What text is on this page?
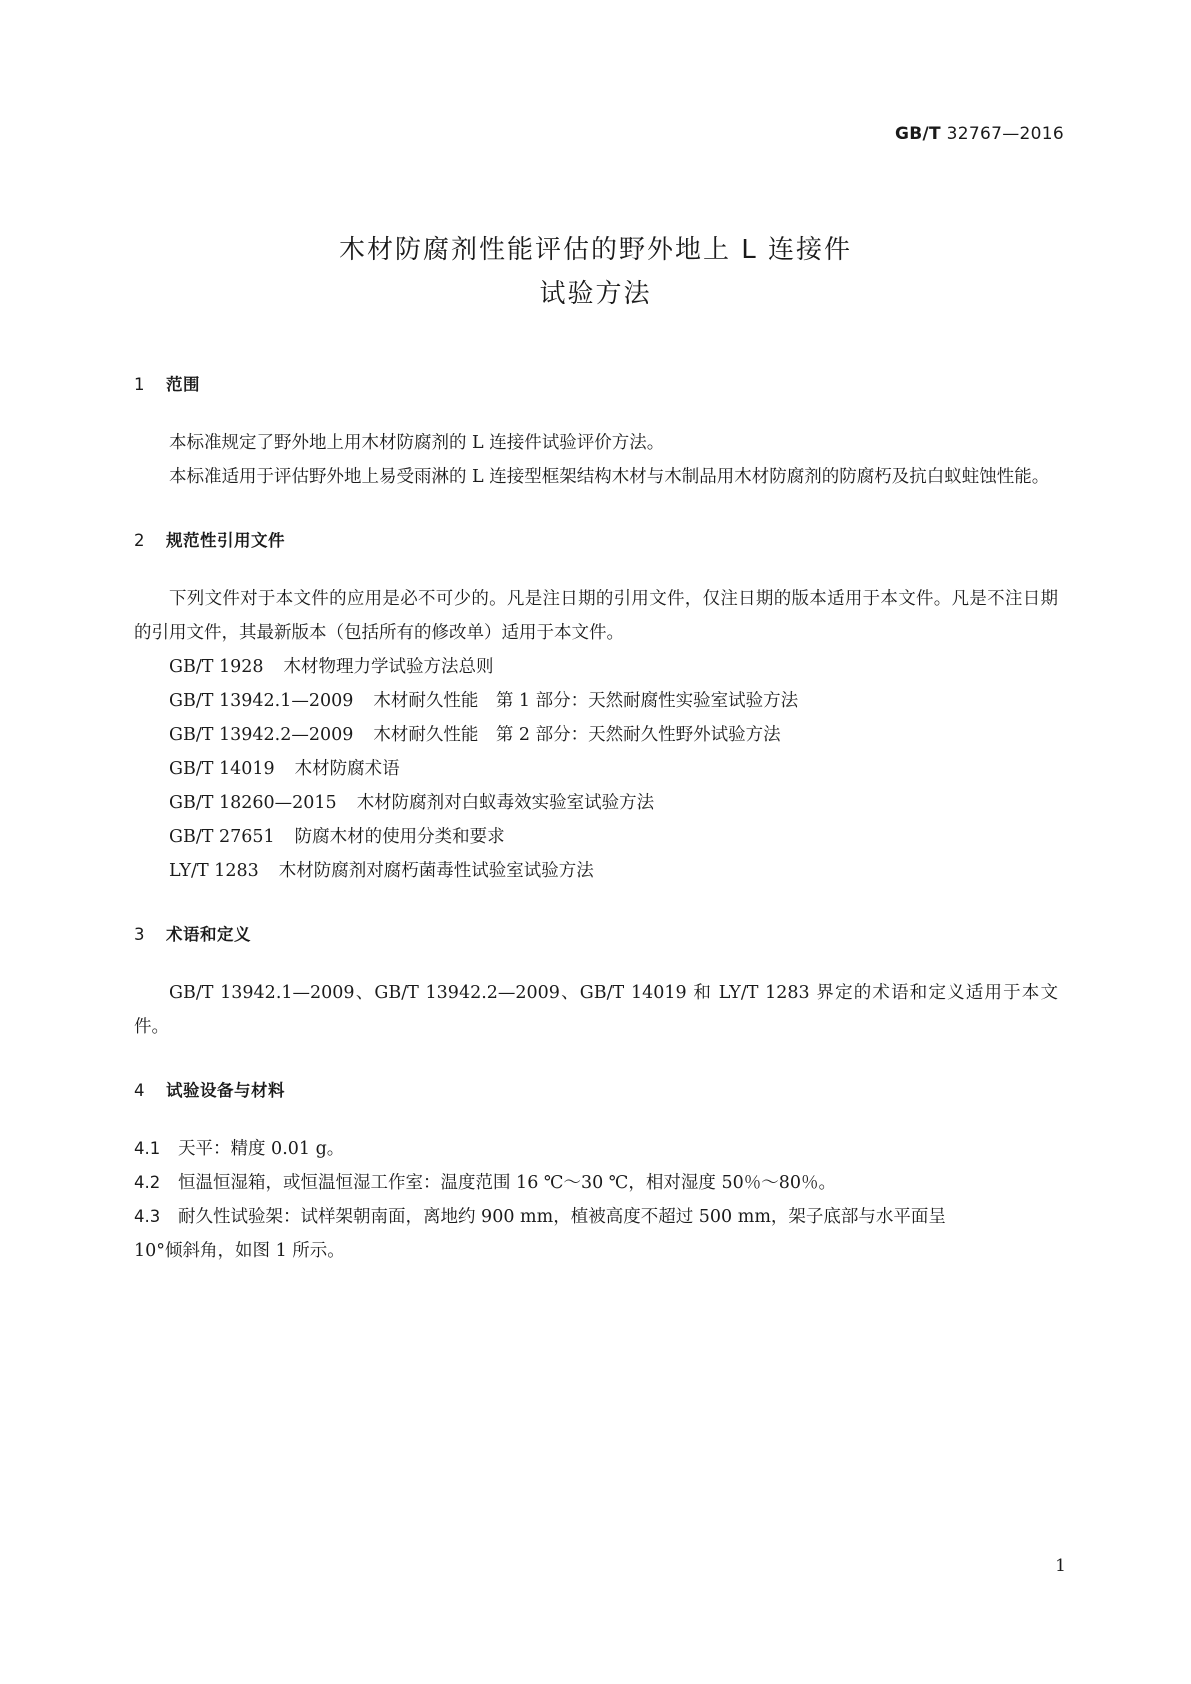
GB/T 32767—2016
木材防腐剂性能评估的野外地上 L 连接件
试验方法
1 范围

本标准规定了野外地上用木材防腐剂的 L 连接件试验评价方法。

本标准适用于评估野外地上易受雨淋的 L 连接型框架结构木材与木制品用木材防腐剂的防腐朽及抗白蚁蛀蚀性能。

2 规范性引用文件

下列文件对于本文件的应用是必不可少的。凡是注日期的引用文件，仅注日期的版本适用于本文件。凡是不注日期的引用文件，其最新版本（包括所有的修改单）适用于本文件。

GB/T 1928 木材物理力学试验方法总则
GB/T 13942.1—2009 木材耐久性能　第 1 部分：天然耐腐性实验室试验方法
GB/T 13942.2—2009 木材耐久性能　第 2 部分：天然耐久性野外试验方法
GB/T 14019 木材防腐术语
GB/T 18260—2015 木材防腐剂对白蚁毒效实验室试验方法
GB/T 27651 防腐木材的使用分类和要求
LY/T 1283 木材防腐剂对腐朽菌毒性试验室试验方法
3 术语和定义

GB/T 13942.1—2009、GB/T 13942.2—2009、GB/T 14019 和 LY/T 1283 界定的术语和定义适用于本文件。

4 试验设备与材料
4.1 天平：精度 0.01 g。
4.2 恒温恒湿箱，或恒温恒湿工作室：温度范围 16 ℃～30 ℃，相对湿度 50％～80％。
4.3 耐久性试验架：试样架朝南面，离地约 900 mm，植被高度不超过 500 mm，架子底部与水平面呈
10°倾斜角，如图 1 所示。
1
